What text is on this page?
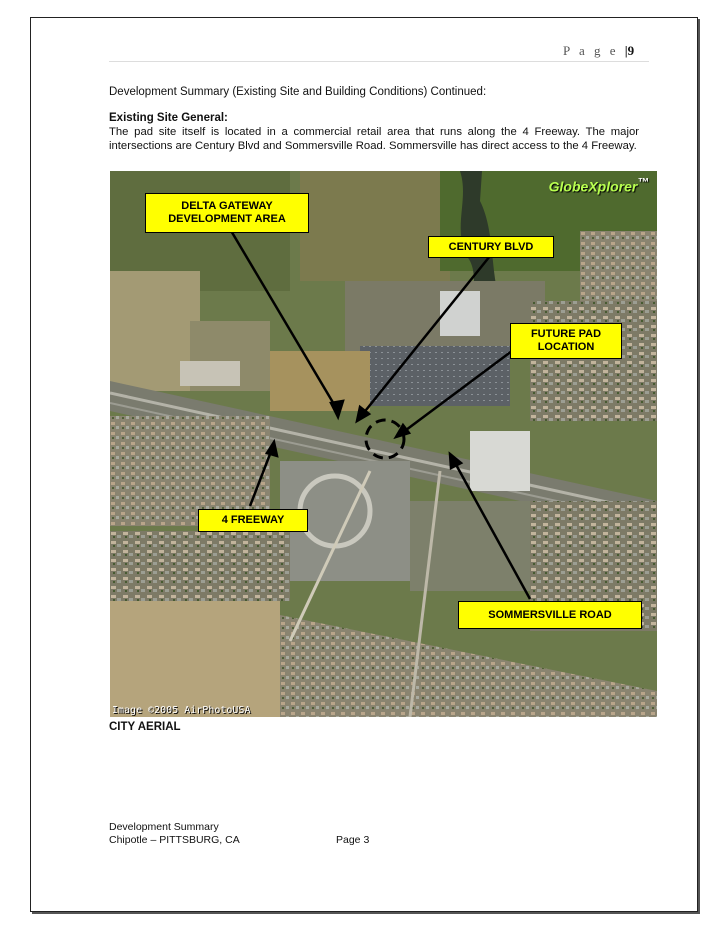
P a g e |9
Development Summary (Existing Site and Building Conditions) Continued:
Existing Site General:
The pad site itself is located in a commercial retail area that runs along the 4 Freeway. The major intersections are Century Blvd and Sommersville Road. Sommersville has direct access to the 4 Freeway.
GlobeXplorer™
DELTA GATEWAY DEVELOPMENT AREA
CENTURY BLVD
FUTURE PAD LOCATION
4 FREEWAY
SOMMERSVILLE ROAD
Image ©2005 AirPhotoUSA
CITY AERIAL
Development Summary
Chipotle – PITTSBURG, CA	Page 3
